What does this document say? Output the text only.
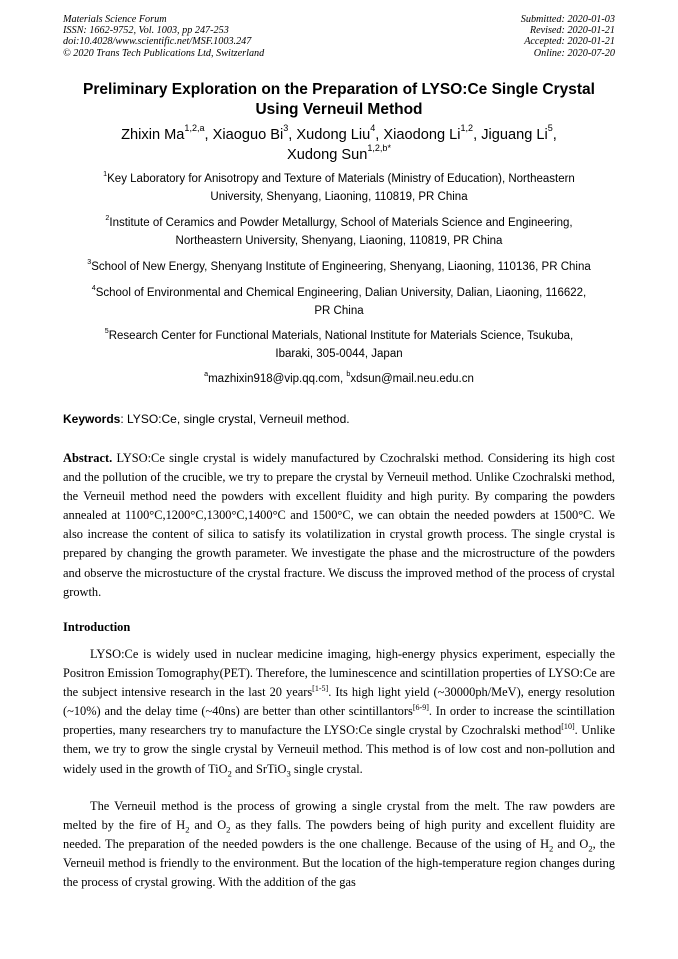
Materials Science Forum
ISSN: 1662-9752, Vol. 1003, pp 247-253
doi:10.4028/www.scientific.net/MSF.1003.247
© 2020 Trans Tech Publications Ltd, Switzerland
Submitted: 2020-01-03
Revised: 2020-01-21
Accepted: 2020-01-21
Online: 2020-07-20
Preliminary Exploration on the Preparation of LYSO:Ce Single Crystal
Using Verneuil Method
Zhixin Ma$^{1,2,a}$, Xiaoguo Bi$^3$, Xudong Liu$^4$, Xiaodong Li$^{1,2}$, Jiguang Li$^5$,
Xudong Sun$^{1,2,b*}$
$^1$Key Laboratory for Anisotropy and Texture of Materials (Ministry of Education), Northeastern
University, Shenyang, Liaoning, 110819, PR China
$^2$Institute of Ceramics and Powder Metallurgy, School of Materials Science and Engineering,
Northeastern University, Shenyang, Liaoning, 110819, PR China
$^3$School of New Energy, Shenyang Institute of Engineering, Shenyang, Liaoning, 110136, PR China
$^4$School of Environmental and Chemical Engineering, Dalian University, Dalian, Liaoning, 116622,
PR China
$^5$Research Center for Functional Materials, National Institute for Materials Science, Tsukuba,
Ibaraki, 305-0044, Japan
$^a$mazhixin918@vip.qq.com, $^b$xdsun@mail.neu.edu.cn
Keywords: LYSO:Ce, single crystal, Verneuil method.
Abstract. LYSO:Ce single crystal is widely manufactured by Czochralski method. Considering its high cost and the pollution of the crucible, we try to prepare the crystal by Verneuil method. Unlike Czochralski method, the Verneuil method need the powders with excellent fluidity and high purity. By comparing the powders annealed at 1100°C,1200°C,1300°C,1400°C and 1500°C, we can obtain the needed powders at 1500°C. We also increase the content of silica to satisfy its volatilization in crystal growth process. The single crystal is prepared by changing the growth parameter. We investigate the phase and the microstructure of the powders and observe the microstucture of the crystal fracture. We discuss the improved method of the process of crystal growth.
Introduction
LYSO:Ce is widely used in nuclear medicine imaging, high-energy physics experiment, especially the Positron Emission Tomography(PET). Therefore, the luminescence and scintillation properties of LYSO:Ce are the subject intensive research in the last 20 years[1-5]. Its high light yield (~30000ph/MeV), energy resolution (~10%) and the delay time (~40ns) are better than other scintillantors[6-9]. In order to increase the scintillation properties, many researchers try to manufacture the LYSO:Ce single crystal by Czochralski method[10]. Unlike them, we try to grow the single crystal by Verneuil method. This method is of low cost and non-pollution and widely used in the growth of TiO$_2$ and SrTiO$_3$ single crystal.
The Verneuil method is the process of growing a single crystal from the melt. The raw powders are melted by the fire of $H_2$ and $O_2$ as they falls. The powders being of high purity and excellent fluidity are needed. The preparation of the needed powders is the one challenge. Because of the using of $H_2$ and $O_2$, the Verneuil method is friendly to the environment. But the location of the high-temperature region changes during the process of crystal growing. With the addition of the gas
